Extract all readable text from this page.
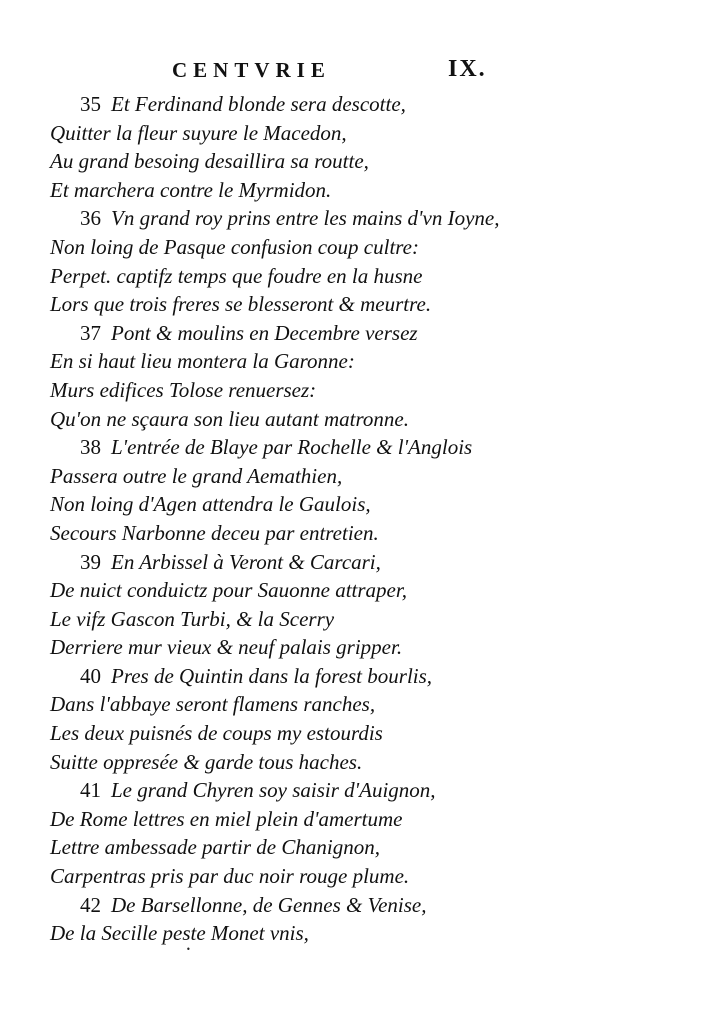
CENTVRIE	IX.
35 Et Ferdinand blonde sera descotte,
Quitter la fleur suyure le Macedon,
Au grand besoing desaillira sa routte,
Et marchera contre le Myrmidon.
36 Vn grand roy prins entre les mains d'vn Ioyne,
Non loing de Pasque confusion coup cultre:
Perpet. captifz temps que foudre en la husne
Lors que trois freres se blesseront & meurtre.
37 Pont & moulins en Decembre versez
En si haut lieu montera la Garonne:
Murs edifices Tolose renuersez:
Qu'on ne sçaura son lieu autant matronne.
38 L'entrée de Blaye par Rochelle & l'Anglois
Passera outre le grand Aemathien,
Non loing d'Agen attendra le Gaulois,
Secours Narbonne deceu par entretien.
39 En Arbissel à Veront & Carcari,
De nuict conduictz pour Sauonne attraper,
Le vifz Gascon Turbi, & la Scerry
Derriere mur vieux & neuf palais gripper.
40 Pres de Quintin dans la forest bourlis,
Dans l'abbaye seront flamens ranches,
Les deux puisnés de coups my estourdis
Suitte oppresée & garde tous haches.
41 Le grand Chyren soy saisir d'Auignon,
De Rome lettres en miel plein d'amertume
Lettre ambessade partir de Chanignon,
Carpentras pris par duc noir rouge plume.
42 De Barsellonne, de Gennes & Venise,
De la Secille peste Monet vnis,
•
